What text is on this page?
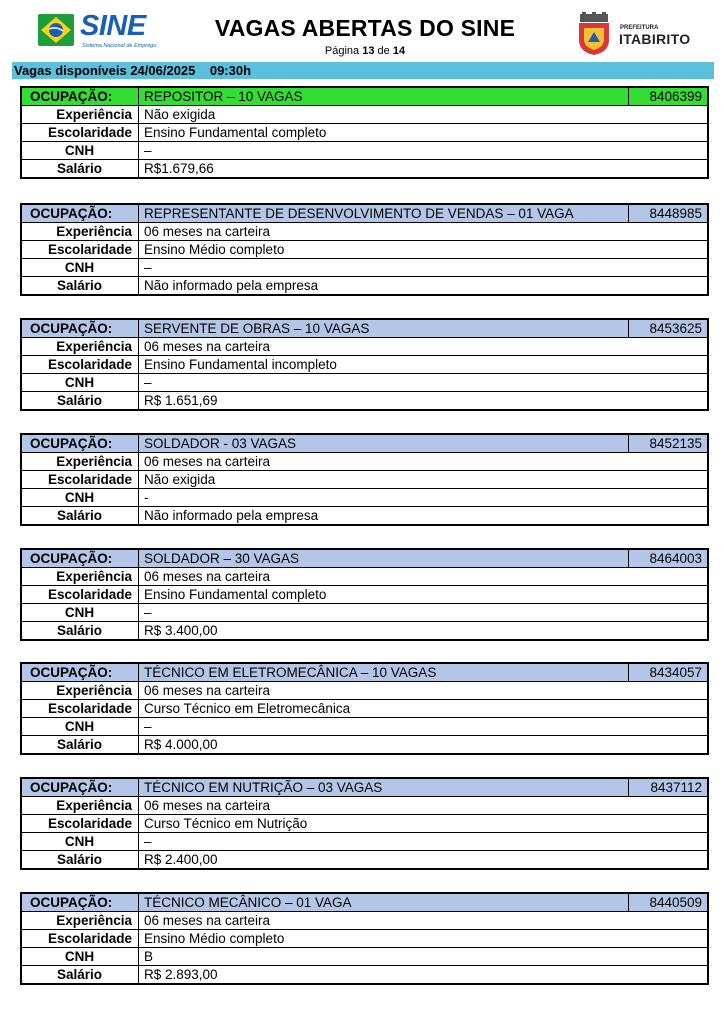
SINE
Sistema Nacional de Emprego
VAGAS ABERTAS DO SINE
Página 13 de 14
PREFEITURA
ITABIRITO
Vagas disponíveis 24/06/2025    09:30h
OCUPAÇÃO:	REPOSITOR – 10 VAGAS	8406399
Experiência	Não exigida	
Escolaridade	Ensino Fundamental completo	
CNH	–	
Salário	R$1.679,66	
OCUPAÇÃO:	REPRESENTANTE DE DESENVOLVIMENTO DE VENDAS – 01 VAGA	8448985
Experiência	06 meses na carteira	
Escolaridade	Ensino Médio completo	
CNH	–	
Salário	Não informado pela empresa	
OCUPAÇÃO:	SERVENTE DE OBRAS – 10 VAGAS	8453625
Experiência	06 meses na carteira	
Escolaridade	Ensino Fundamental incompleto	
CNH	–	
Salário	R$ 1.651,69	
OCUPAÇÃO:	SOLDADOR - 03 VAGAS	8452135
Experiência	06 meses na carteira	
Escolaridade	Não exigida	
CNH	-	
Salário	Não informado pela empresa	
OCUPAÇÃO:	SOLDADOR – 30 VAGAS	8464003
Experiência	06 meses na carteira	
Escolaridade	Ensino Fundamental completo	
CNH	–	
Salário	R$ 3.400,00	
OCUPAÇÃO:	TÉCNICO EM ELETROMECÂNICA – 10 VAGAS	8434057
Experiência	06 meses na carteira	
Escolaridade	Curso Técnico em Eletromecânica	
CNH	–	
Salário	R$ 4.000,00	
OCUPAÇÃO:	TÉCNICO EM NUTRIÇÃO – 03 VAGAS	8437112
Experiência	06 meses na carteira	
Escolaridade	Curso Técnico em Nutrição	
CNH	–	
Salário	R$ 2.400,00	
OCUPAÇÃO:	TÉCNICO MECÂNICO – 01 VAGA	8440509
Experiência	06 meses na carteira	
Escolaridade	Ensino Médio completo	
CNH	B	
Salário	R$ 2.893,00	
